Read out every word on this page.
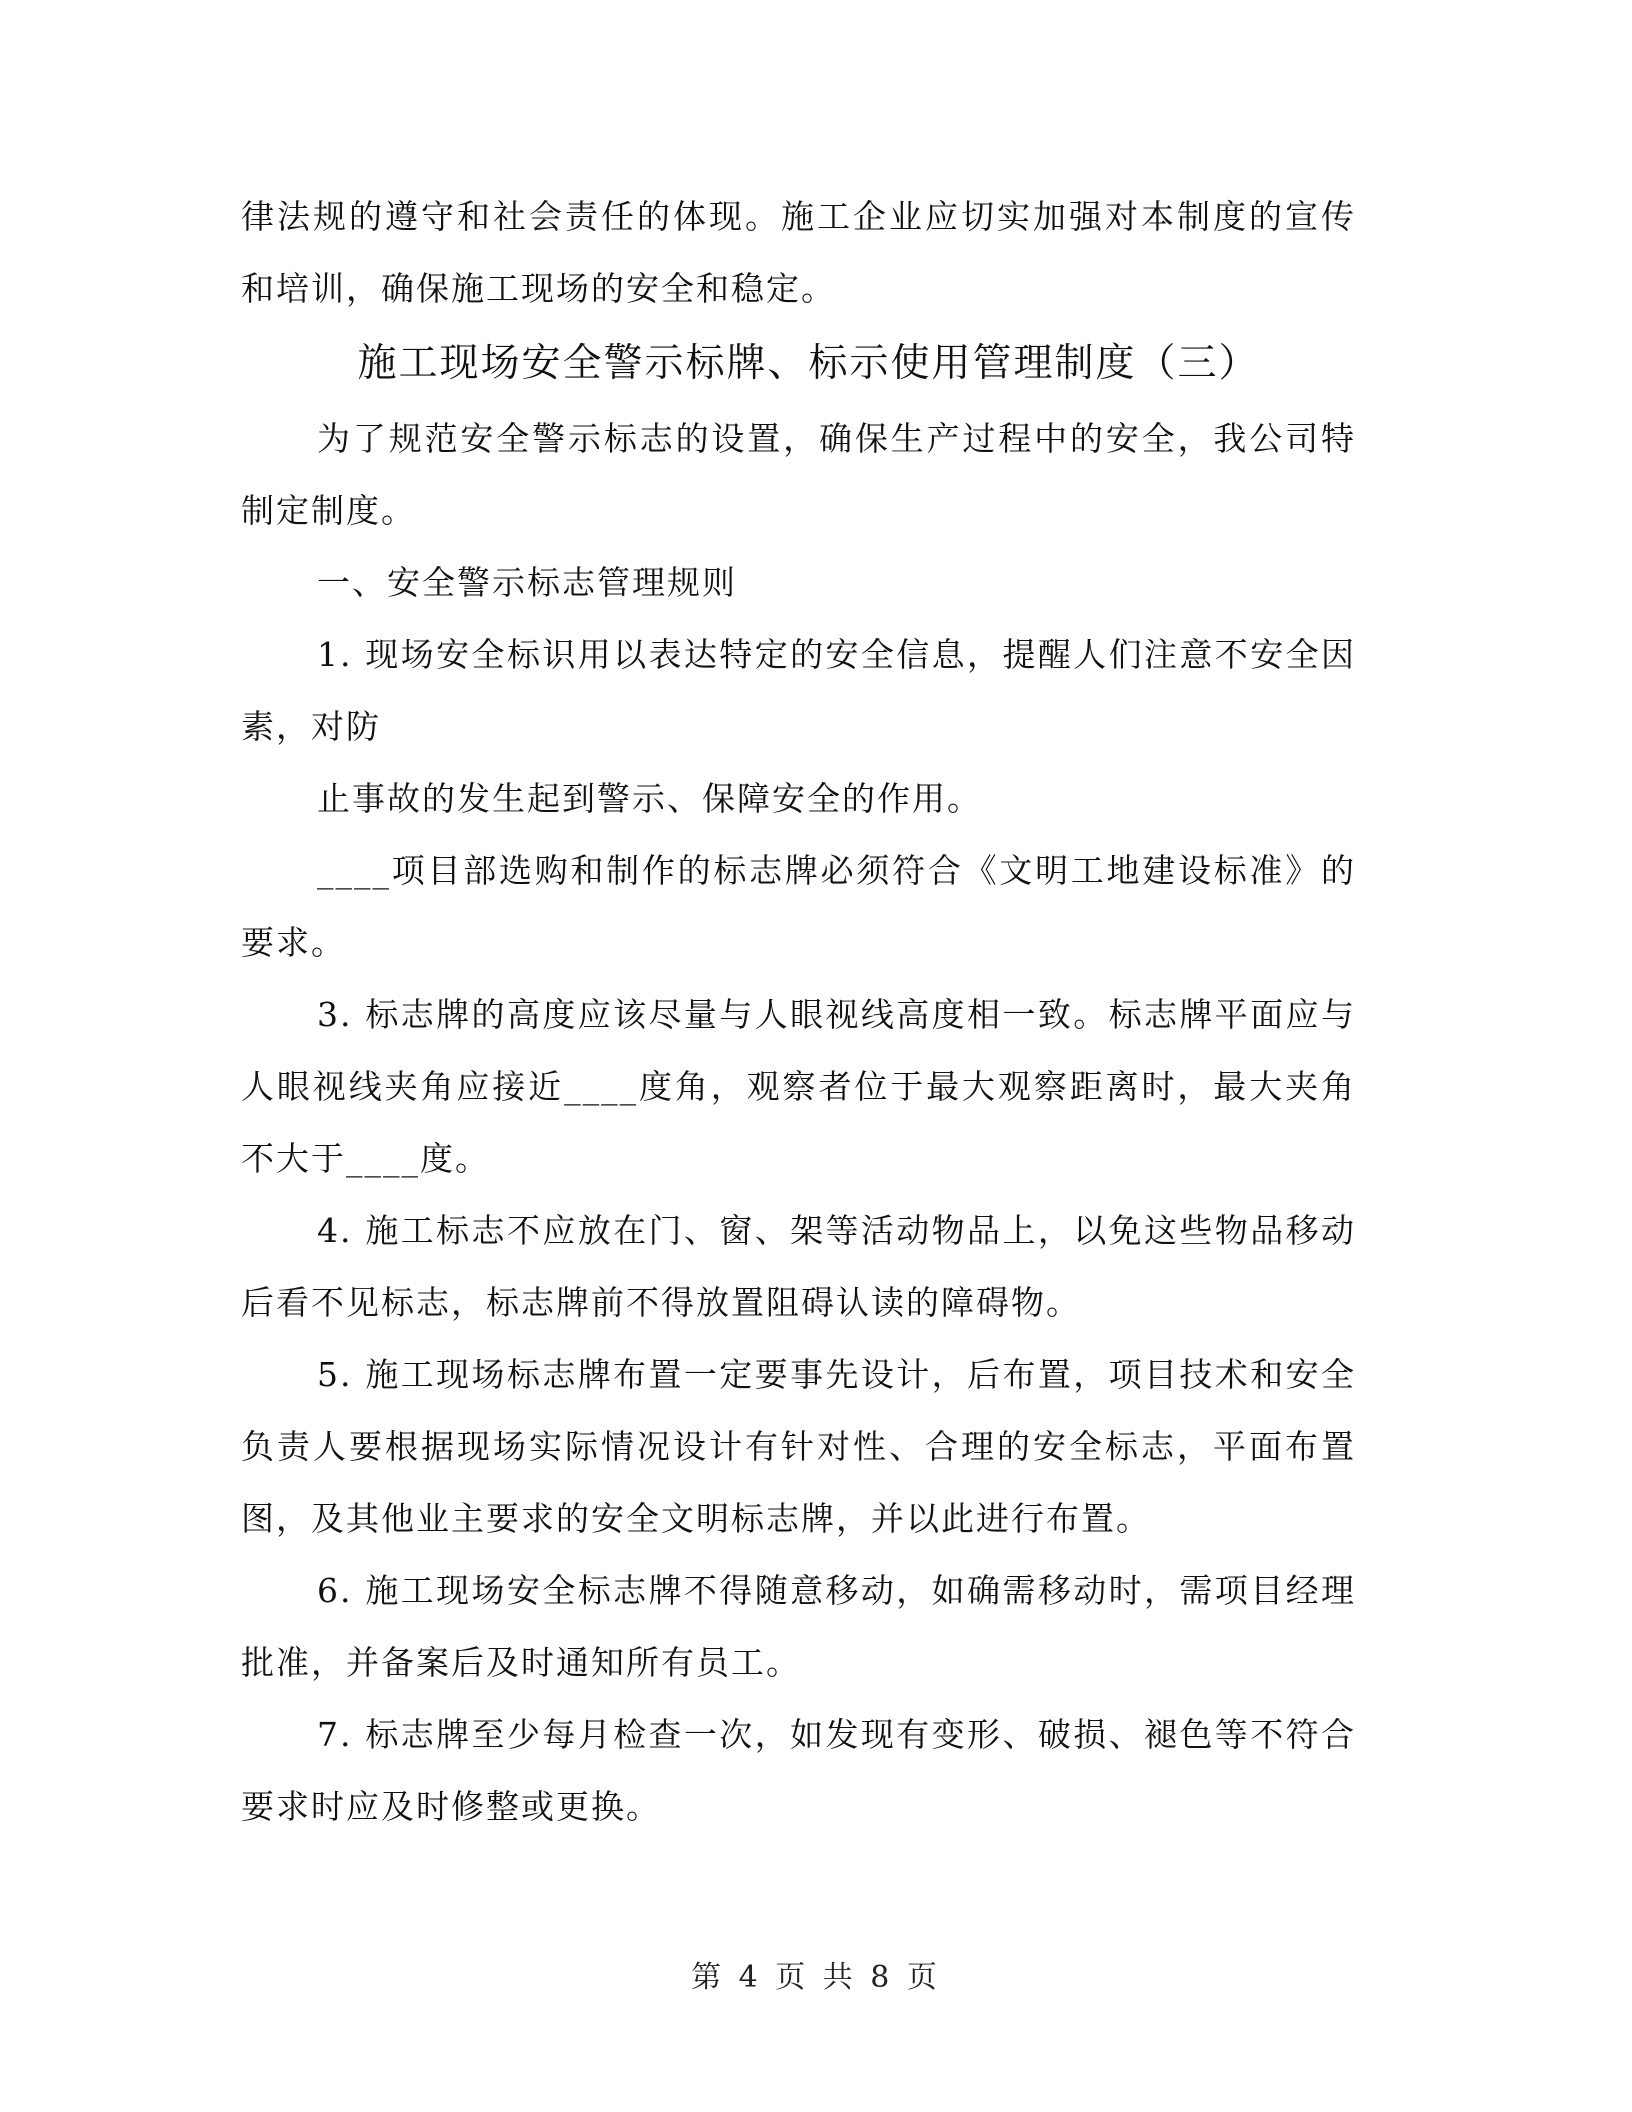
律法规的遵守和社会责任的体现。施工企业应切实加强对本制度的宣传和培训，确保施工现场的安全和稳定。

施工现场安全警示标牌、标示使用管理制度（三）

为了规范安全警示标志的设置，确保生产过程中的安全，我公司特制定制度。

一、安全警示标志管理规则

1. 现场安全标识用以表达特定的安全信息，提醒人们注意不安全因素，对防

止事故的发生起到警示、保障安全的作用。

____项目部选购和制作的标志牌必须符合《文明工地建设标准》的要求。

3. 标志牌的高度应该尽量与人眼视线高度相一致。标志牌平面应与人眼视线夹角应接近____度角，观察者位于最大观察距离时，最大夹角不大于____度。

4. 施工标志不应放在门、窗、架等活动物品上，以免这些物品移动后看不见标志，标志牌前不得放置阻碍认读的障碍物。

5. 施工现场标志牌布置一定要事先设计，后布置，项目技术和安全负责人要根据现场实际情况设计有针对性、合理的安全标志，平面布置图，及其他业主要求的安全文明标志牌，并以此进行布置。

6. 施工现场安全标志牌不得随意移动，如确需移动时，需项目经理批准，并备案后及时通知所有员工。

7. 标志牌至少每月检查一次，如发现有变形、破损、褪色等不符合要求时应及时修整或更换。

第 4 页 共 8 页
